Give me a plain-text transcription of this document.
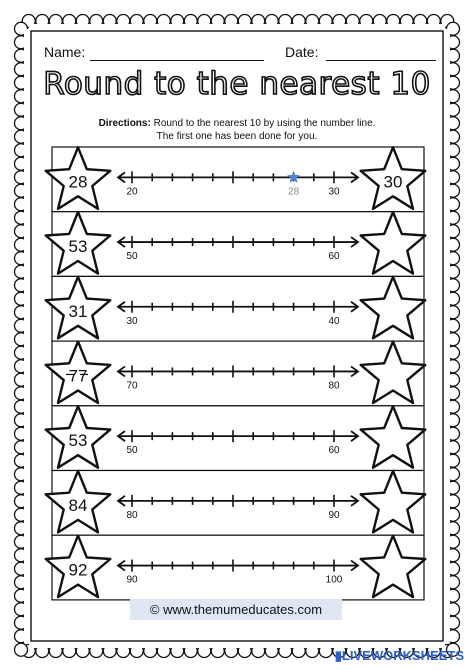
Name:	Date:
Round to the nearest 10
Directions: Round to the nearest 10 by using the number line.
The first one has been done for you.
28	30
20	30
28
53
50	60
31
30	40
77
70	80
53
50	60
84
80	90
92
90	100
© www.themumeducates.com
▮LIVEWORKSHEETS
